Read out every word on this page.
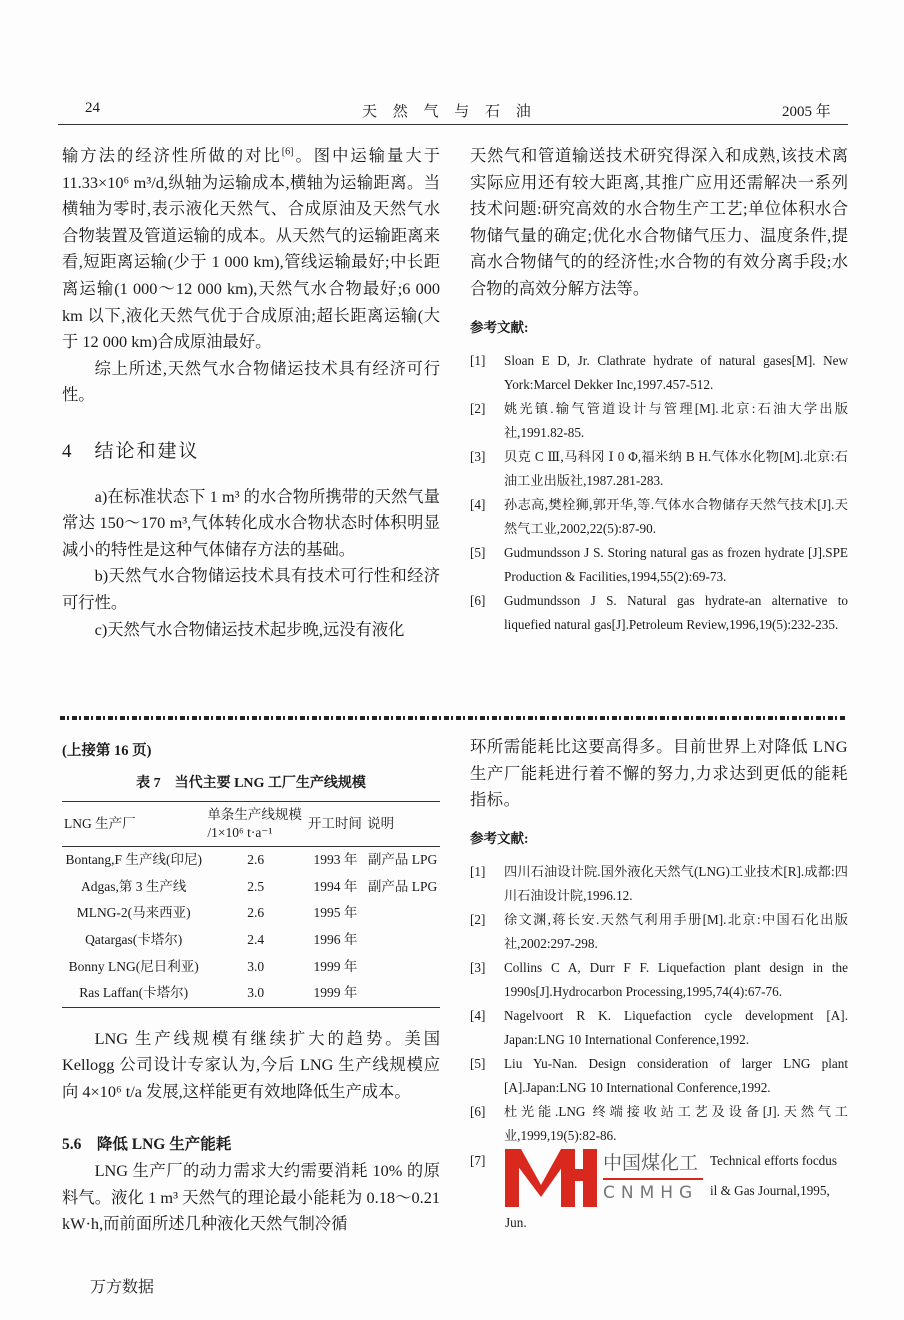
24	天 然 气 与 石 油	2005 年

输方法的经济性所做的对比[6]。图中运输量大于11.33×10⁶ m³/d,纵轴为运输成本,横轴为运输距离。当横轴为零时,表示液化天然气、合成原油及天然气水合物装置及管道运输的成本。从天然气的运输距离来看,短距离运输(少于 1 000 km),管线运输最好;中长距离运输(1 000～12 000 km),天然气水合物最好;6 000 km 以下,液化天然气优于合成原油;超长距离运输(大于 12 000 km)合成原油最好。

综上所述,天然气水合物储运技术具有经济可行性。

4　结论和建议

a)在标准状态下 1 m³ 的水合物所携带的天然气量常达 150～170 m³,气体转化成水合物状态时体积明显减小的特性是这种气体储存方法的基础。

b)天然气水合物储运技术具有技术可行性和经济可行性。

c)天然气水合物储运技术起步晚,远没有液化

天然气和管道输送技术研究得深入和成熟,该技术离实际应用还有较大距离,其推广应用还需解决一系列技术问题:研究高效的水合物生产工艺;单位体积水合物储气量的确定;优化水合物储气压力、温度条件,提高水合物储气的的经济性;水合物的有效分离手段;水合物的高效分解方法等。

参考文献:
[1]	Sloan E D, Jr. Clathrate hydrate of natural gases[M]. New York:Marcel Dekker Inc,1997.457-512.
[2]	姚光镇.输气管道设计与管理[M].北京:石油大学出版社,1991.82-85.
[3]	贝克 C Ⅲ,马科冈 Ⅰ 0 Φ,福米纳 B H.气体水化物[M].北京:石油工业出版社,1987.281-283.
[4]	孙志高,樊栓狮,郭开华,等.气体水合物储存天然气技术[J].天然气工业,2002,22(5):87-90.
[5]	Gudmundsson J S. Storing natural gas as frozen hydrate [J].SPE Production & Facilities,1994,55(2):69-73.
[6]	Gudmundsson J S. Natural gas hydrate-an alternative to liquefied natural gas[J].Petroleum Review,1996,19(5):232-235.
(上接第 16 页)
表 7　当代主要 LNG 工厂生产线规模
LNG 生产厂	单条生产线规模
/1×10⁶ t·a⁻¹	开工时间	说明
Bontang,F 生产线(印尼)	2.6	1993 年	副产品 LPG
Adgas,第 3 生产线	2.5	1994 年	副产品 LPG
MLNG-2(马来西亚)	2.6	1995 年	
Qatargas(卡塔尔)	2.4	1996 年	
Bonny LNG(尼日利亚)	3.0	1999 年	
Ras Laffan(卡塔尔)	3.0	1999 年	

LNG 生产线规模有继续扩大的趋势。美国 Kellogg 公司设计专家认为,今后 LNG 生产线规模应向 4×10⁶ t/a 发展,这样能更有效地降低生产成本。

5.6　降低 LNG 生产能耗

LNG 生产厂的动力需求大约需要消耗 10% 的原料气。液化 1 m³ 天然气的理论最小能耗为 0.18～0.21 kW·h,而前面所述几种液化天然气制冷循

环所需能耗比这要高得多。目前世界上对降低 LNG 生产厂能耗进行着不懈的努力,力求达到更低的能耗指标。

参考文献:
[1]	四川石油设计院.国外液化天然气(LNG)工业技术[R].成都:四川石油设计院,1996.12.
[2]	徐文渊,蒋长安.天然气利用手册[M].北京:中国石化出版社,2002:297-298.
[3]	Collins C A, Durr F F. Liquefaction plant design in the 1990s[J].Hydrocarbon Processing,1995,74(4):67-76.
[4]	Nagelvoort R K. Liquefaction cycle development [A]. Japan:LNG 10 International Conference,1992.
[5]	Liu Yu-Nan. Design consideration of larger LNG plant [A].Japan:LNG 10 International Conference,1992.
[6]	杜光能.LNG 终端接收站工艺及设备[J].天然气工业,1999,19(5):82-86.
[7]	中国煤化工
CNMHG
Technical efforts focdus
il & Gas Journal,1995,
Jun.
万方数据
